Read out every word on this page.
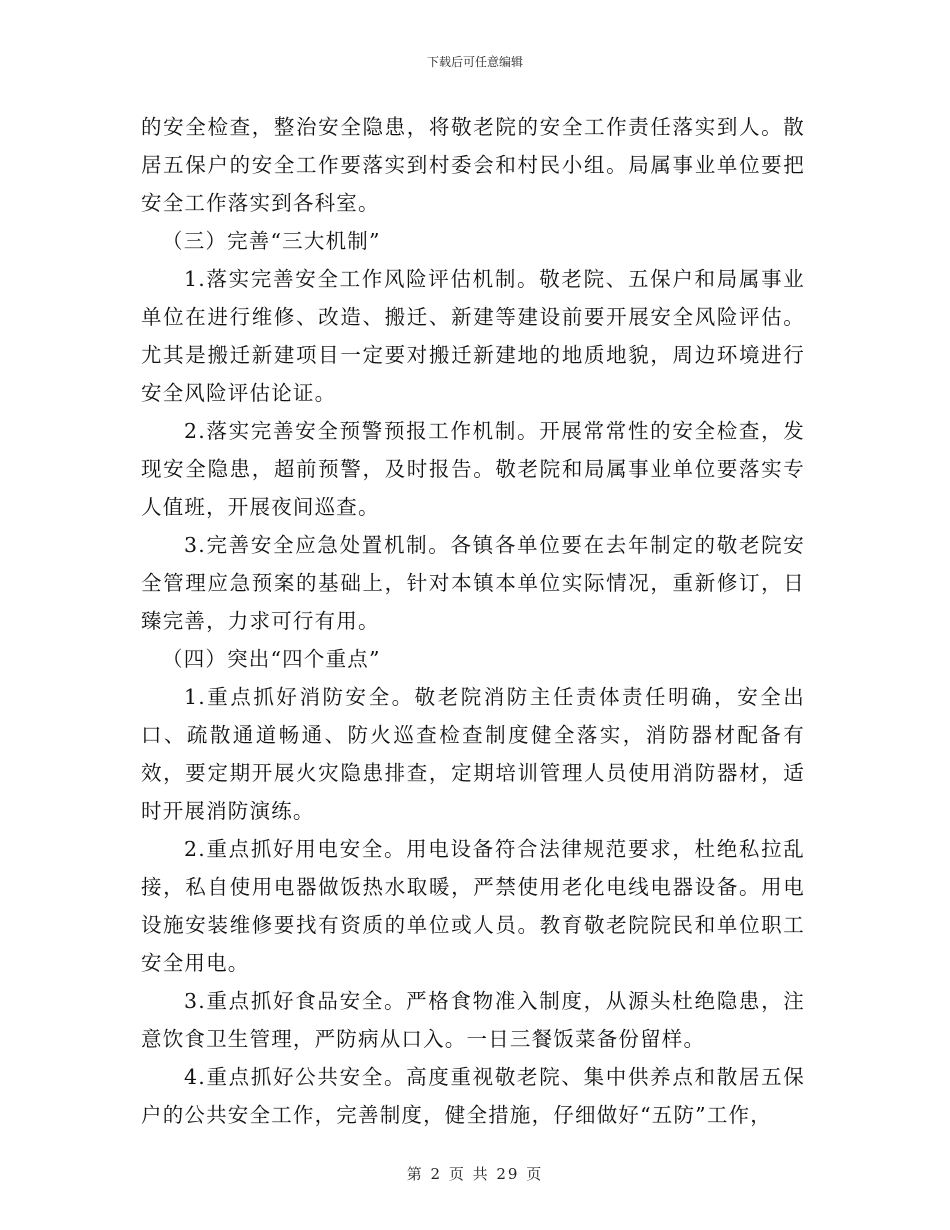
下载后可任意编辑

的安全检查，整治安全隐患，将敬老院的安全工作责任落实到人。散居五保户的安全工作要落实到村委会和村民小组。局属事业单位要把安全工作落实到各科室。

（三）完善“三大机制”

1.落实完善安全工作风险评估机制。敬老院、五保户和局属事业单位在进行维修、改造、搬迁、新建等建设前要开展安全风险评估。尤其是搬迁新建项目一定要对搬迁新建地的地质地貌，周边环境进行安全风险评估论证。

2.落实完善安全预警预报工作机制。开展常常性的安全检查，发现安全隐患，超前预警，及时报告。敬老院和局属事业单位要落实专人值班，开展夜间巡查。

3.完善安全应急处置机制。各镇各单位要在去年制定的敬老院安全管理应急预案的基础上，针对本镇本单位实际情况，重新修订，日臻完善，力求可行有用。

（四）突出“四个重点”

1.重点抓好消防安全。敬老院消防主任责体责任明确，安全出口、疏散通道畅通、防火巡查检查制度健全落实，消防器材配备有效，要定期开展火灾隐患排查，定期培训管理人员使用消防器材，适时开展消防演练。

2.重点抓好用电安全。用电设备符合法律规范要求，杜绝私拉乱接，私自使用电器做饭热水取暖，严禁使用老化电线电器设备。用电设施安装维修要找有资质的单位或人员。教育敬老院院民和单位职工安全用电。

3.重点抓好食品安全。严格食物准入制度，从源头杜绝隐患，注意饮食卫生管理，严防病从口入。一日三餐饭菜备份留样。

4.重点抓好公共安全。高度重视敬老院、集中供养点和散居五保户的公共安全工作，完善制度，健全措施，仔细做好“五防”工作，

第 2 页 共 29 页
